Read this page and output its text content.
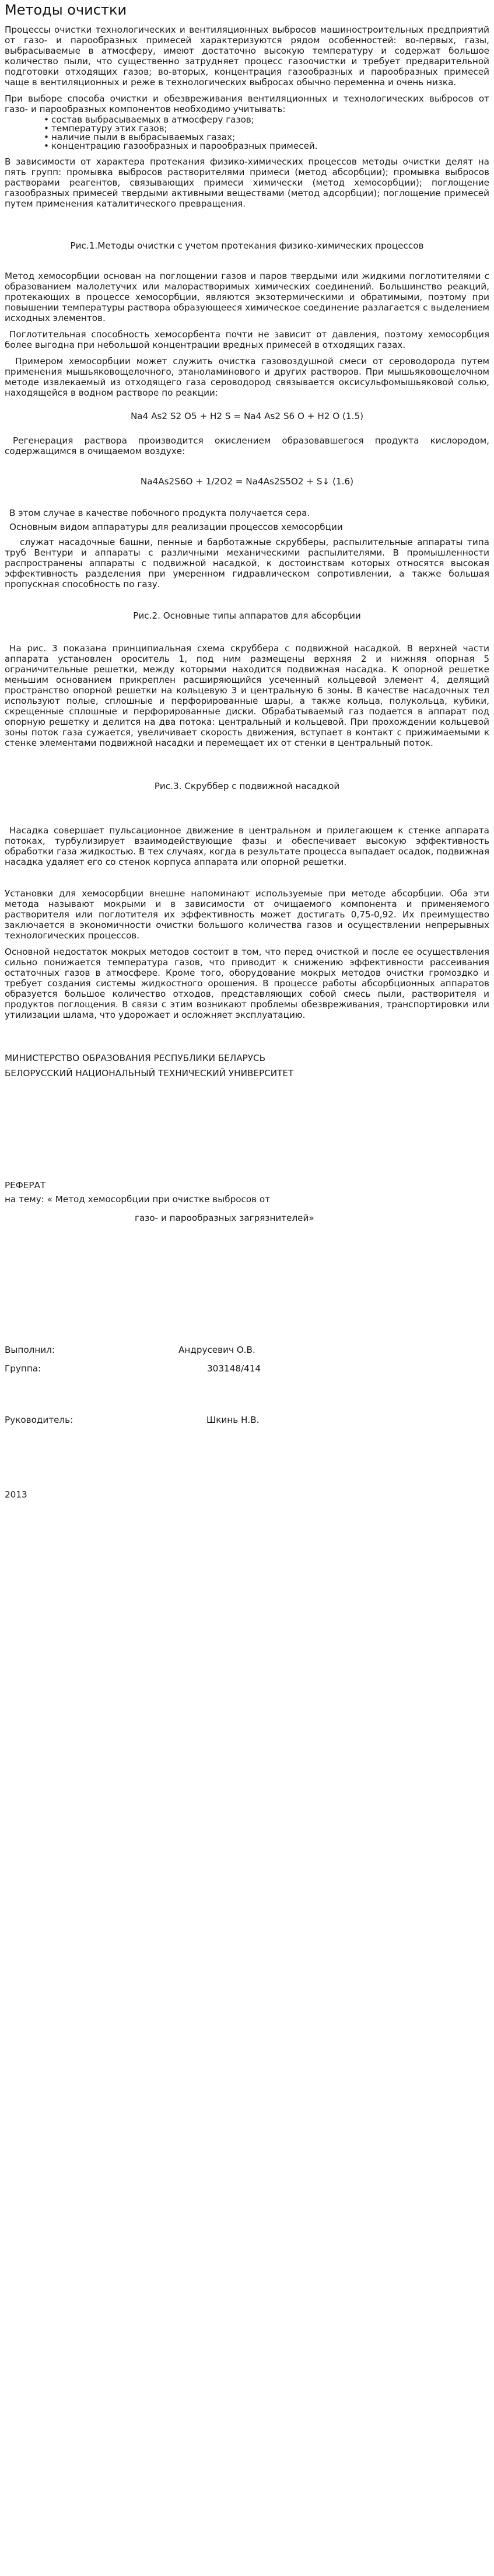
Методы очистки

Процессы очистки технологических и вентиляционных выбросов машиностроительных предприятий от газо- и парообразных примесей характеризуются рядом особенностей: во-первых, газы, выбрасываемые в атмосферу, имеют достаточно высокую температуру и содержат большое количество пыли, что существенно затрудняет процесс газоочистки и требует предварительной подготовки отходящих газов; во-вторых, концентрация газообразных и парообразных примесей чаще в вентиляционных и реже в технологических выбросах обычно переменна и очень низка.

При выборе способа очистки и обезвреживания вентиляционных и технологических выбросов от газо- и парообразных компонентов необходимо учитывать:

• состав выбрасываемых в атмосферу газов;
• температуру этих газов;
• наличие пыли в выбрасываемых газах;
• концентрацию газообразных и парообразных примесей.

В зависимости от характера протекания физико-химических процессов методы очистки делят на пять групп: промывка выбросов растворителями примеси (метод абсорбции); промывка выбросов растворами реагентов, связывающих примеси химически (метод хемосорбции); поглощение газообразных примесей твердыми активными веществами (метод адсорбции); поглощение примесей путем применения каталитического превращения.

Рис.1.Методы очистки с учетом протекания физико-химических процессов

Метод хемосорбции основан на поглощении газов и паров твердыми или жидкими поглотителями с образованием малолетучих или малорастворимых химических соединений. Большинство реакций, протекающих в процессе хемосорбции, являются экзотермическими и обратимыми, поэтому при повышении температуры раствора образующееся химическое соединение разлагается с выделением исходных элементов.

Поглотительная способность хемосорбента почти не зависит от давления, поэтому хемосорбция более выгодна при небольшой концентрации вредных примесей в отходящих газах.

Примером хемосорбции может служить очистка газовоздушной смеси от сероводорода путем применения мышьяковощелочного, этаноламинового и других растворов. При мышьяковощелочном методе извлекаемый из отходящего газа сероводород связывается оксисульфомышьяковой солью, находящейся в водном растворе по реакции:

Na4 As2 S2 O5 + H2 S = Na4 As2 S6 O + H2 O (1.5)

Регенерация раствора производится окислением образовавшегося продукта кислородом, содержащимся в очищаемом воздухе:

Na4As2S6O + 1/2O2 = Na4As2S5O2 + S↓ (1.6)

В этом случае в качестве побочного продукта получается сера.

Основным видом аппаратуры для реализации процессов хемосорбции

служат насадочные башни, пенные и барботажные скрубберы, распылительные аппараты типа труб Вентури и аппараты с различными механическими распылителями. В промышленности распространены аппараты с подвижной насадкой, к достоинствам которых относятся высокая эффективность разделения при умеренном гидравлическом сопротивлении, а также большая пропускная способность по газу.

Рис.2. Основные типы аппаратов для абсорбции

На рис. 3 показана принципиальная схема скруббера с подвижной насадкой. В верхней части аппарата установлен ороситель 1, под ним размещены верхняя 2 и нижняя опорная 5 ограничительные решетки, между которыми находится подвижная насадка. К опорной решетке меньшим основанием прикреплен расширяющийся усеченный кольцевой элемент 4, делящий пространство опорной решетки на кольцевую 3 и центральную 6 зоны. В качестве насадочных тел используют полые, сплошные и перфорированные шары, а также кольца, полукольца, кубики, скрещенные сплошные и перфорированные диски. Обрабатываемый газ подается в аппарат под опорную решетку и делится на два потока: центральный и кольцевой. При прохождении кольцевой зоны поток газа сужается, увеличивает скорость движения, вступает в контакт с прижимаемыми к стенке элементами подвижной насадки и перемещает их от стенки в центральный поток.

Рис.3. Скруббер с подвижной насадкой

Насадка совершает пульсационное движение в центральном и прилегающем к стенке аппарата потоках, турбулизирует взаимодействующие фазы и обеспечивает высокую эффективность обработки газа жидкостью. В тех случаях, когда в результате процесса выпадает осадок, подвижная насадка удаляет его со стенок корпуса аппарата или опорной решетки.

Установки для хемосорбции внешне напоминают используемые при методе абсорбции. Оба эти метода называют мокрыми и в зависимости от очищаемого компонента и применяемого растворителя или поглотителя их эффективность может достигать 0,75-0,92. Их преимущество заключается в экономичности очистки большого количества газов и осуществлении непрерывных технологических процессов.

Основной недостаток мокрых методов состоит в том, что перед очисткой и после ее осуществления сильно понижается температура газов, что приводит к снижению эффективности рассеивания остаточных газов в атмосфере. Кроме того, оборудование мокрых методов очистки громоздко и требует создания системы жидкостного орошения. В процессе работы абсорбционных аппаратов образуется большое количество отходов, представляющих собой смесь пыли, растворителя и продуктов поглощения. В связи с этим возникают проблемы обезвреживания, транспортировки или утилизации шлама, что удорожает и осложняет эксплуатацию.

МИНИСТЕРСТВО ОБРАЗОВАНИЯ РЕСПУБЛИКИ БЕЛАРУСЬ

БЕЛОРУССКИЙ НАЦИОНАЛЬНЫЙ ТЕХНИЧЕСКИЙ УНИВЕРСИТЕТ

РЕФЕРАТ

на тему: « Метод хемосорбции при очистке выбросов от

газо- и парообразных загрязнителей»

Выполнил:	Андрусевич О.В.
Группа:	303148/414
Руководитель:	Шкинь Н.В.

2013
